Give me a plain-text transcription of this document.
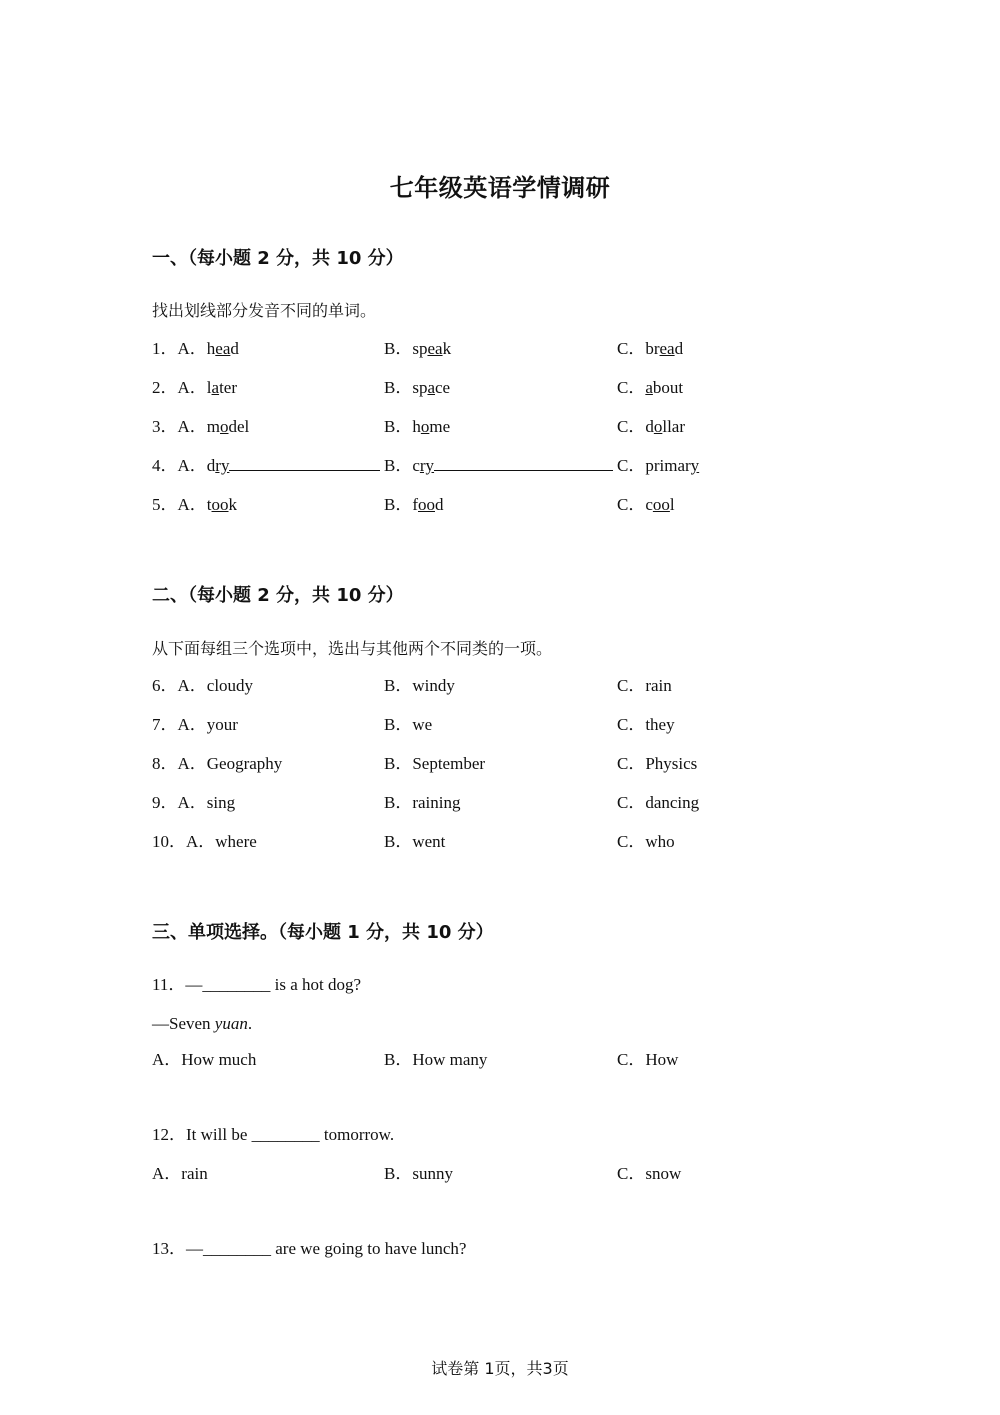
七年级英语学情调研
一、（每小题 2 分，共 10 分）
找出划线部分发音不同的单词。
1．A．head	B．speak	C．bread
2．A．later	B．space	C．about
3．A．model	B．home	C．dollar
4．A．dry	B．cry	C．primary
5．A．took	B．food	C．cool
二、（每小题 2 分，共 10 分）
从下面每组三个选项中，选出与其他两个不同类的一项。
6．A．cloudy	B．windy	C．rain
7．A．your	B．we	C．they
8．A．Geography	B．September	C．Physics
9．A．sing	B．raining	C．dancing
10．A．where	B．went	C．who
三、单项选择。（每小题 1 分，共 10 分）
11．—________ is a hot dog?
—Seven yuan.
A．How much	B．How many	C．How
12．It will be ________ tomorrow.
A．rain	B．sunny	C．snow
13．—________ are we going to have lunch?
试卷第 1页，共3页
